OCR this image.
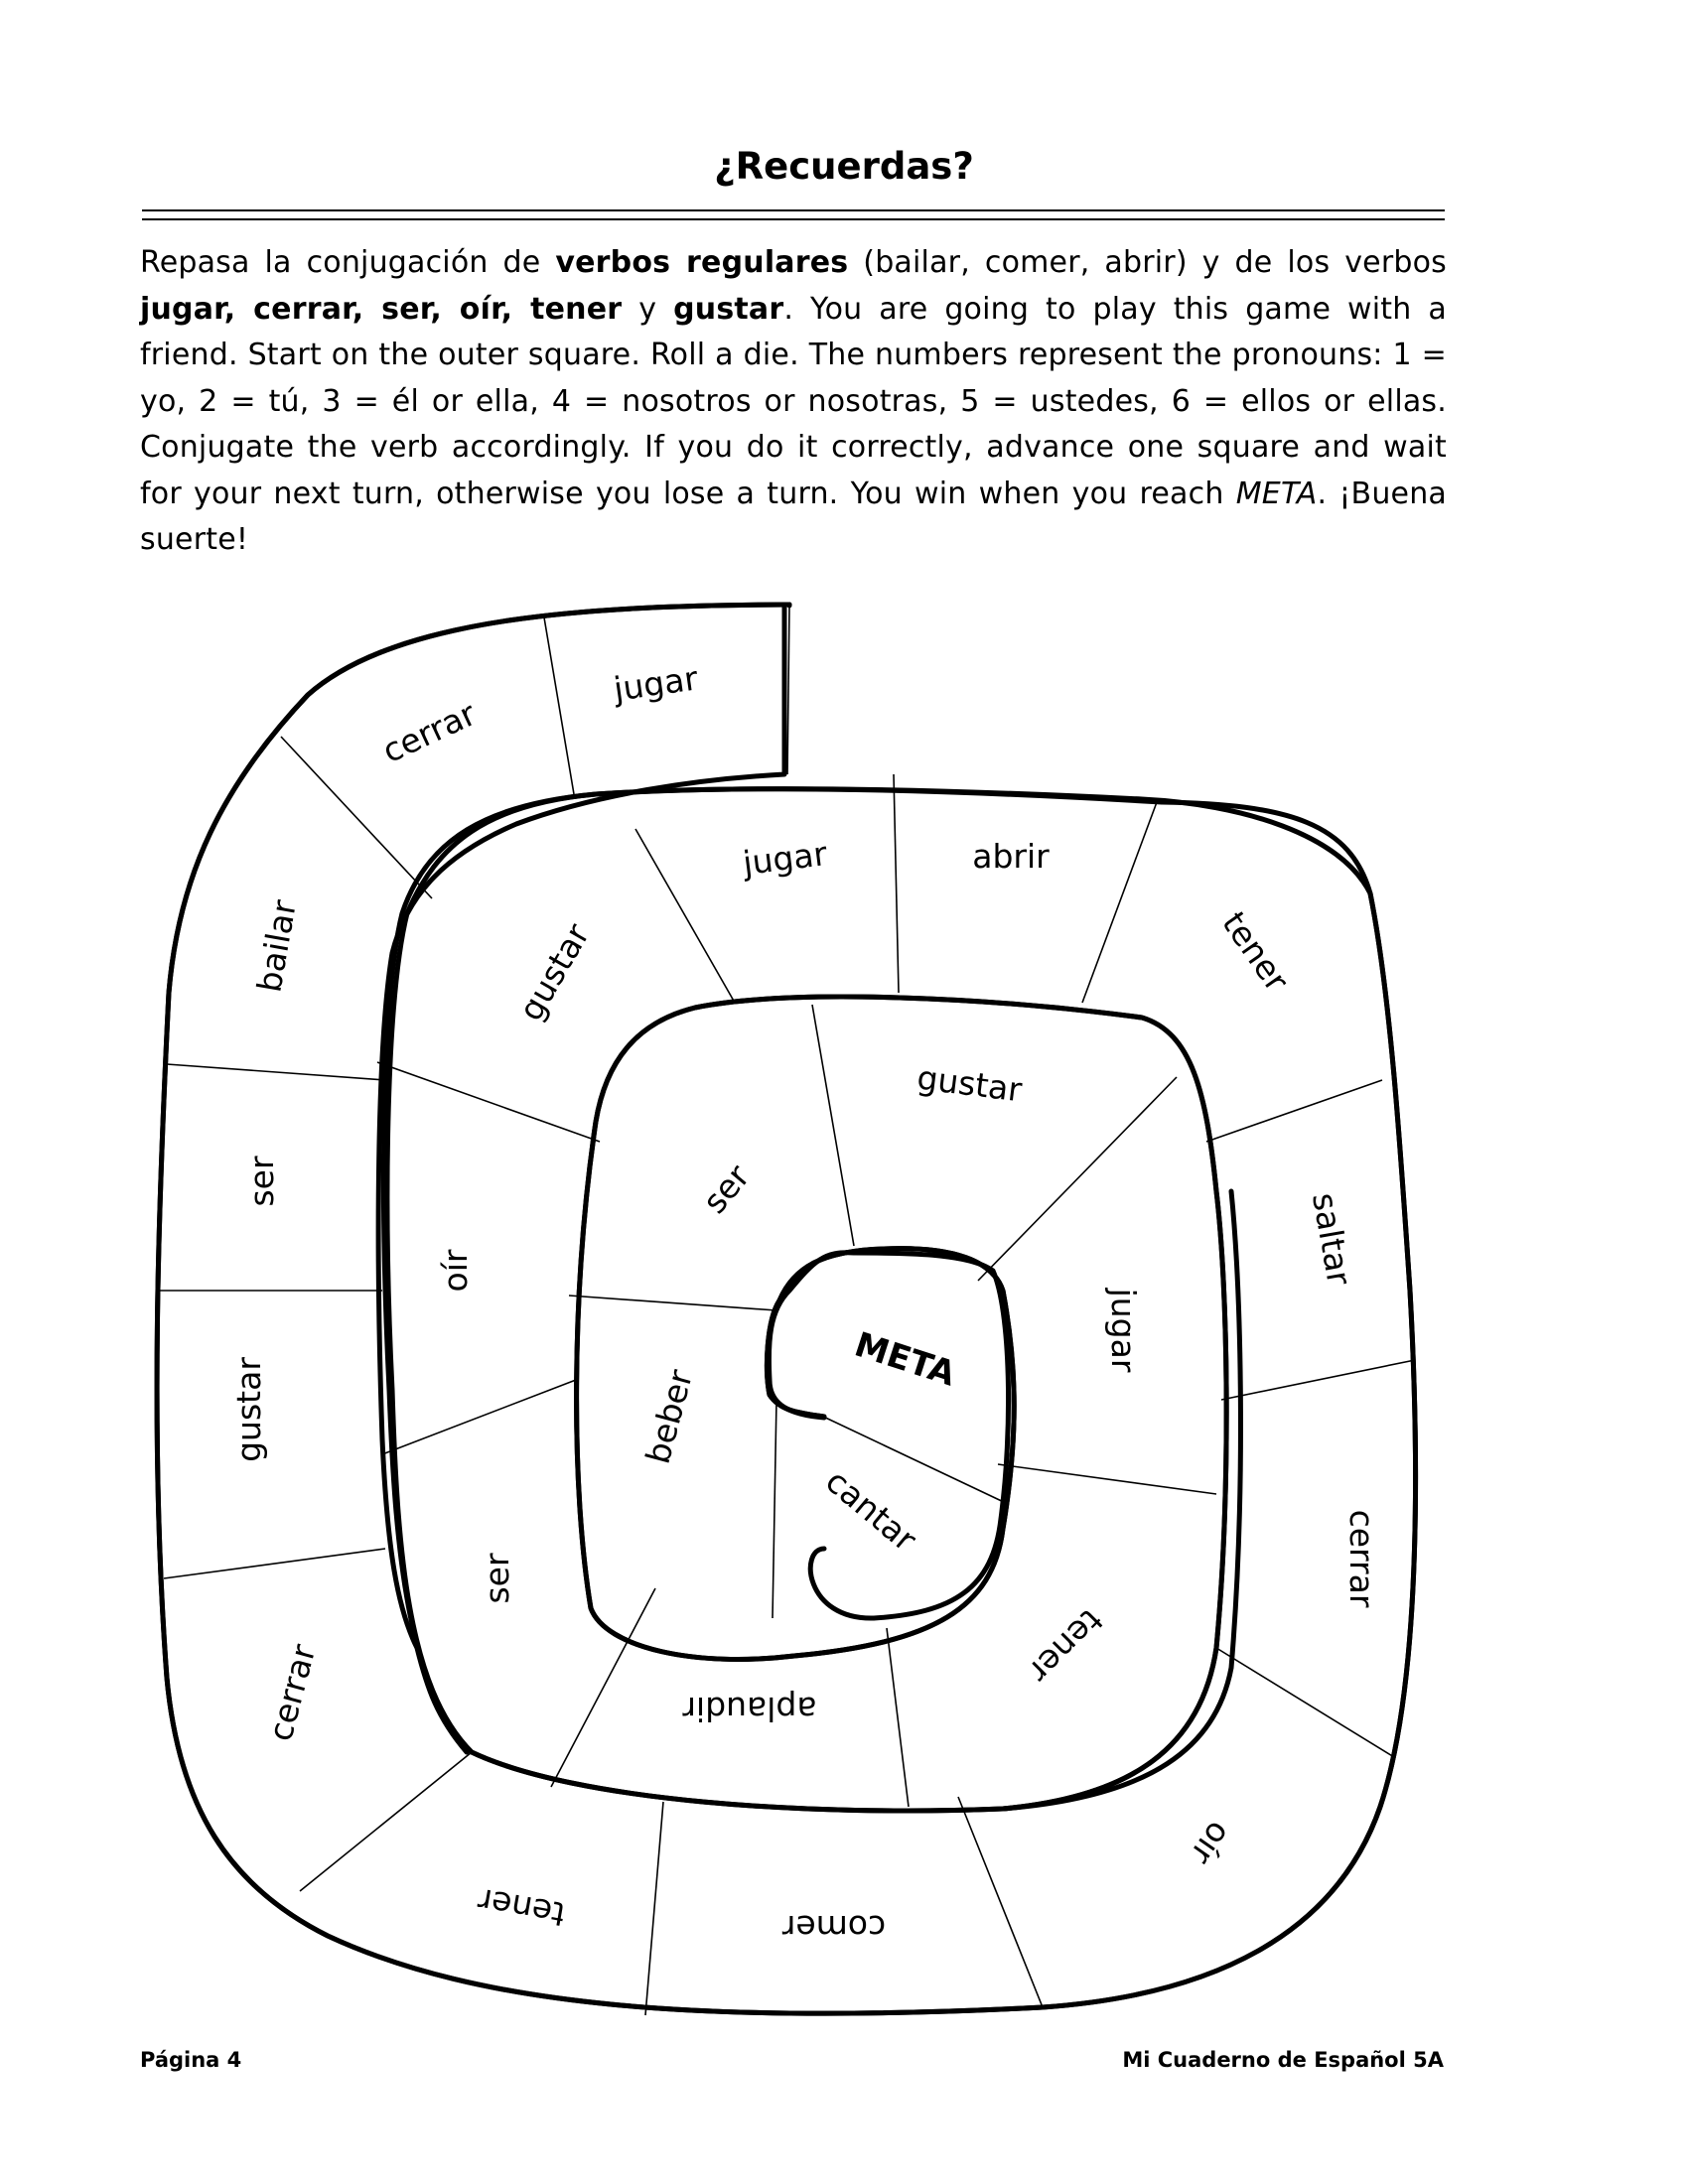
¿Recuerdas?

Repasa la conjugación de verbos regulares (bailar, comer, abrir) y de los verbos jugar, cerrar, ser, oír, tener y gustar. You are going to play this game with a friend. Start on the outer square. Roll a die. The numbers represent the pronouns: 1 = yo, 2 = tú, 3 = él or ella, 4 = nosotros or nosotras, 5 = ustedes, 6 = ellos or ellas. Conjugate the verb accordingly. If you do it correctly, advance one square and wait for your next turn, otherwise you lose a turn. You win when you reach META. ¡Buena suerte!

jugar
cerrar
bailar
ser
gustar
cerrar
tener	comer
oír
cerrar
saltar
tener
abrir
jugar
gustar
oír
ser
aplaudir
tener
jugar
gustar
ser
beber
cantar
META
Página 4	Mi Cuaderno de Español 5A
